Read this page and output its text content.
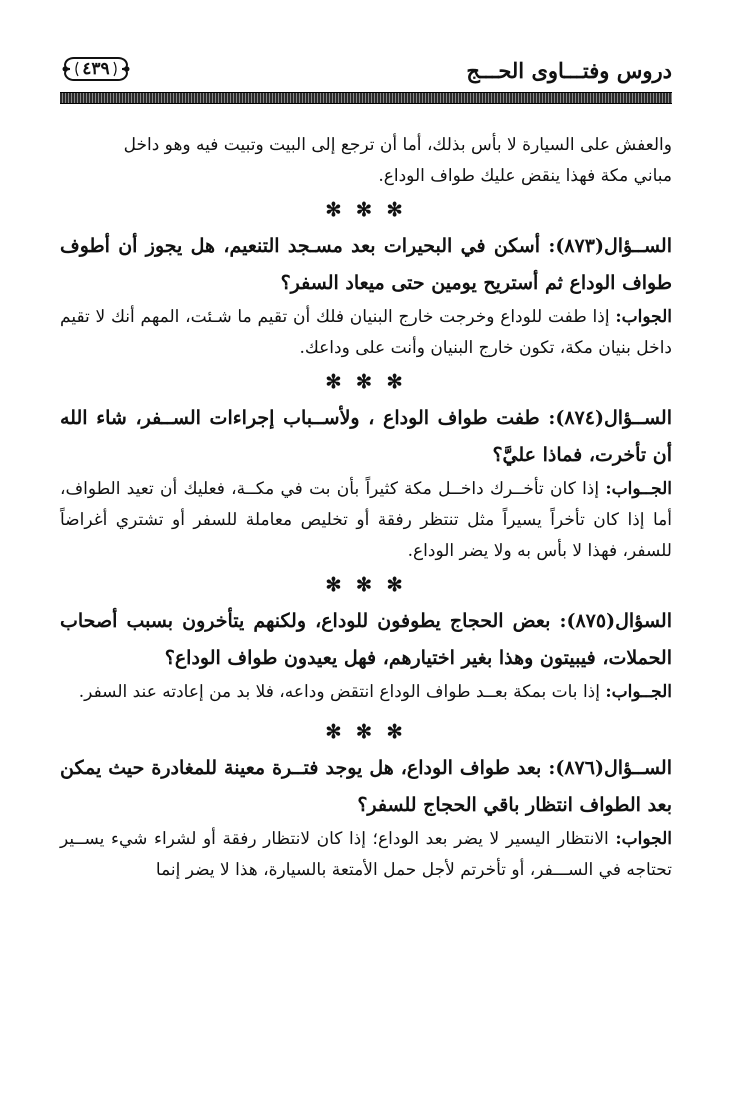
دروس وفتـــاوى الحـــج
٤٣٩

والعفش على السيارة لا بأس بذلك، أما أن ترجع إلى البيت وتبيت فيه وهو داخل
مباني مكة فهذا ينقض عليك طواف الوداع.

✻ ✻ ✻

الســؤال(٨٧٣): أسكن في البحيرات بعد مسـجد التنعيم، هل يجوز أن أطوف طواف الوداع ثم أستريح يومين حتى ميعاد السفر؟

الجواب: إذا طفت للوداع وخرجت خارج البنيان فلك أن تقيم ما شـئت، المهم أنك لا تقيم داخل بنيان مكة، تكون خارج البنيان وأنت على وداعك.

✻ ✻ ✻

الســؤال(٨٧٤): طفت طواف الوداع ، ولأســباب إجراءات الســفر، شاء الله أن تأخرت، فماذا عليَّ؟

الجــواب: إذا كان تأخــرك داخــل مكة كثيراً بأن بت في مكــة، فعليك أن تعيد الطواف، أما إذا كان تأخراً يسيراً مثل تنتظر رفقة أو تخليص معاملة للسفر أو تشتري أغراضاً للسفر، فهذا لا بأس به ولا يضر الوداع.

✻ ✻ ✻

السؤال(٨٧٥): بعض الحجاج يطوفون للوداع، ولكنهم يتأخرون بسبب أصحاب الحملات، فيبيتون وهذا بغير اختيارهم، فهل يعيدون طواف الوداع؟

الجــواب: إذا بات بمكة بعــد طواف الوداع انتقض وداعه، فلا بد من إعادته عند السفر.

✻ ✻ ✻

الســؤال(٨٧٦): بعد طواف الوداع، هل يوجد فتــرة معينة للمغادرة حيث يمكن بعد الطواف انتظار باقي الحجاج للسفر؟

الجواب: الانتظار اليسير لا يضر بعد الوداع؛ إذا كان لانتظار رفقة أو لشراء شيء يســير تحتاجه في الســـفر، أو تأخرتم لأجل حمل الأمتعة بالسيارة، هذا لا يضر إنما
